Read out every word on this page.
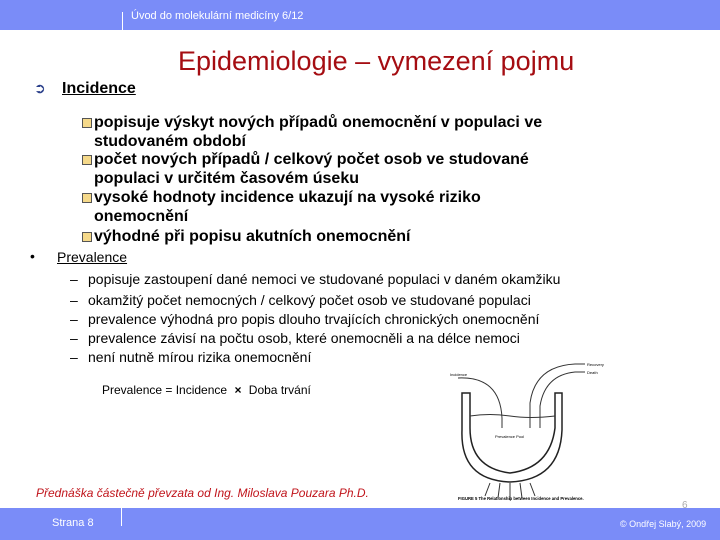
Úvod do molekulární medicíny 6/12
Epidemiologie – vymezení pojmu
➲ Incidence
popisuje výskyt nových případů onemocnění v populaci ve studovaném období
počet nových případů / celkový počet osob ve studované populaci v určitém časovém úseku
vysoké hodnoty incidence ukazují na vysoké riziko onemocnění
výhodné při popisu akutních onemocnění
• Prevalence
– popisuje zastoupení dané nemoci ve studované populaci v daném okamžiku
– okamžitý počet nemocných / celkový počet osob ve studované populaci
– prevalence výhodná pro popis dlouho trvajících chronických onemocnění
– prevalence závisí na počtu osob, které onemocněli a na délce nemoci
– není nutně mírou rizika onemocnění
Prevalence = Incidence × Doba trvání
Incidence
Recovery
Death
Prevalence Pool
FIGURE 5 The Relationship between Incidence and Prevalence.
Přednáška částečně převzata od Ing. Miloslava Pouzara Ph.D.
Strana 8
6
© Ondřej Slabý, 2009
